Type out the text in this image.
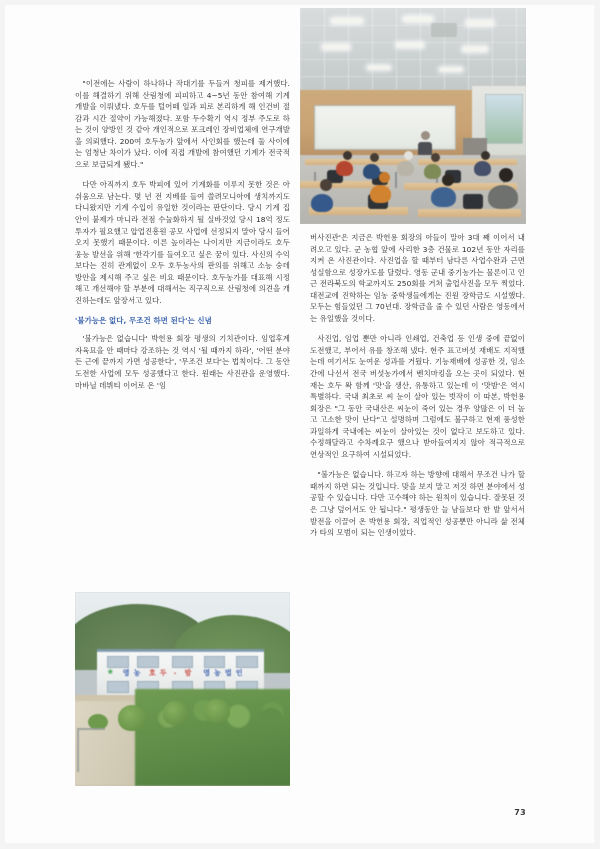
"이전에는 사람이 하나하나 작대기를 두들겨 청피를 제거했다. 이를 해결하기 위해 산림청에 피피하고 4~5년 동안 참여해 기계 개발을 이뤄냈다. 호두를 털어떼 일과 피로 본리하게 해 인건비 절감과 시간 절약이 가능해졌다. 포함 두수확기 역시 정부 주도로 하는 것이 양방인 것 같아 개인적으로 포크레인 장비업체에 연구개발을 의뢰했다. 200여 호두농가 앞에서 사인회를 했는데 둘 사이에는 엄청난 차이가 났다. 이에 직접 개발에 참여했던 기계가 전국적으로 보급되게 됐다."

다만 아직까지 호두 박피에 있어 기계화를 이루지 못한 것은 아쉬움으로 남는다. 몇 년 전 지베를 들여 쓸려모니아에 생치까지도 다니왔지만 기계 수입이 유일한 것이라는 판단이다. 당시 기계 집안이 붙제가 마니라 전점 수눌화하지 될 실바것었 당시 18억 정도 투자가 필요했고 압업진흥원 공모 사업에 선정되지 말아 당시 들어오지 못했기 때문이다. 이른 높이라는 나이지만 지금이라도 호두 웅능 발선을 위해 '한각기를 들여오고 싶은 꿈이 있다. 사신의 수익보다는 진히 관계없이 오두 호두농사의 판의를 위해고 소능 숭데 방안을 제시해 주고 싶은 비요 때문이다. 호두농가를 대표해 시정해고 개선해야 할 부분에 대해서는 직구직으로 산림청에 의견을 개진하는데도 앞장서고 있다.

'불가능은 없다, 무조건 하면 된다'는 신념

'불가능은 없습니다' 박헌용 회장 평생의 기치관이다. 임업후계자육묘을 안 때마다 강조하는 것 역시 '될 때까지 하라', '어떤 분야든 근에 끝까지 가면 성공한다', '무조건 보다'는 법칙이다. 그 동안 도전한 사업에 모두 성공했다고 한다. 원래는 사진관을 운영했다. 마바닐 데뷔티 이어로 온 '임

버사진관'은 지금은 박헌용 회장의 아들이 말아 3대 째 이어서 내려오고 있다. 군 농협 앞에 사리한 3층 건물로 102년 동안 자리를 지켜 온 사진관이다. 사진업을 할 때부터 남다른 사업수완과 근면성실함으로 성장가도를 달렸다. 영동 군내 중기농가는 물론이고 인근 전라북도의 학교까지도 250회를 거쳐 출업사진을 모두 찍었다. 대전교에 진학하는 임농 중학생들에게는 진원 장학금도 시설했다. 모두는 힘들었던 그 70년대. 장학금을 줄 수 있던 사람은 영동에서는 유일했을 것이다.

사진업, 임업 뿐만 아니라 인쇄업, 건축업 등 인생 중에 끝없이 도전했고, 부어서 유를 창조해 냈다. 현주 표고버섯 재배도 지적했는데 여기서도 눈여운 성과를 거뒀다. 기능재배에 성공한 것, 임소간에 나선서 전국 버섯농가에서 벤치마킹을 오는 곳이 되었다. 현재는 호두 왁 함께 '맛'을 생산, 유통하고 있는데 이 '맛밤'은 역시 특별하다. 국내 최초로 씨 눈이 살아 있는 벗작이 이 따본, 박헌용 회장은 "그 동안 국내산은 씨눈이 죽어 있는 경우 양많은 이 더 높고 고소한 맛이 난다"고 설명하며 그럼에도 불구하고 현재 풍성한 과일하게 국내에는 씨눈이 살아있는 것이 없다고 보도하고 있다. 수정해달라고 수차례요구 했으나 받아들여지지 않아 적극적으로 연상적인 요구하여 시설되었다.

"불가능은 없습니다. 하고자 하는 방향에 대해서 무조건 나가 할 때까지 하면 되는 것입니다. 맞을 보지 말고 저것 하면 분야에서 성공할 수 있습니다. 다만 고수해야 하는 원칙이 있습니다. 잘못된 것은 그냥 덮어서도 안 됩니다." 평생동안 늘 남들보다 한 발 앞서서 발전을 이끌어 온 박헌용 회장, 직업적인 성공뿐만 아니라 삶 전체가 타의 모범이 되는 인생이었다.

❀ 영 농 호 두 ․ 밤 영 농 법 인
73
